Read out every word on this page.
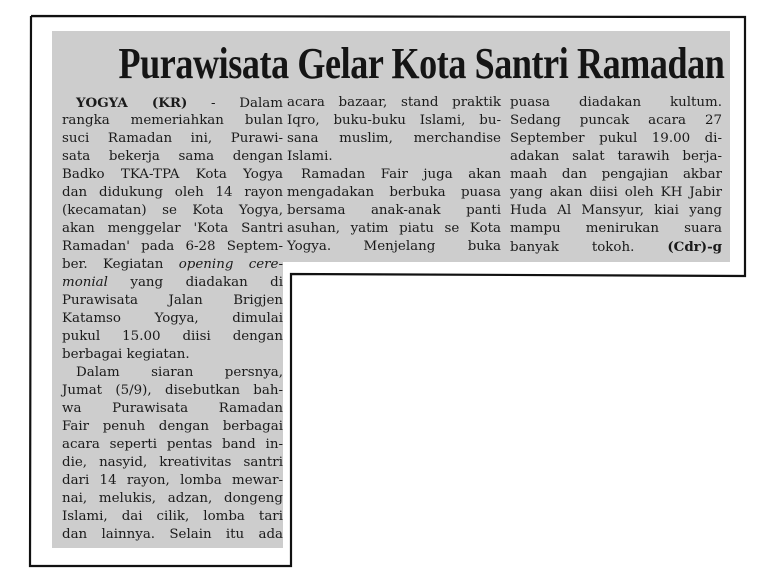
Purawisata Gelar Kota Santri Ramadan
YOGYA (KR) - Dalam
rangka memeriahkan bulan
suci Ramadan ini, Purawi-
sata bekerja sama dengan
Badko TKA-TPA Kota Yogya
dan didukung oleh 14 rayon
(kecamatan) se Kota Yogya,
akan menggelar 'Kota Santri
Ramadan' pada 6-28 Septem-
ber. Kegiatan opening cere-
monial yang diadakan di
Purawisata Jalan Brigjen
Katamso Yogya, dimulai
pukul 15.00 diisi dengan
berbagai kegiatan.
Dalam siaran persnya,
Jumat (5/9), disebutkan bah-
wa Purawisata Ramadan
Fair penuh dengan berbagai
acara seperti pentas band in-
die, nasyid, kreativitas santri
dari 14 rayon, lomba mewar-
nai, melukis, adzan, dongeng
Islami, dai cilik, lomba tari
dan lainnya. Selain itu ada
acara bazaar, stand praktik
Iqro, buku-buku Islami, bu-
sana muslim, merchandise
Islami.
Ramadan Fair juga akan
mengadakan berbuka puasa
bersama anak-anak panti
asuhan, yatim piatu se Kota
Yogya. Menjelang buka
puasa diadakan kultum.
Sedang puncak acara 27
September pukul 19.00 di-
adakan salat tarawih berja-
maah dan pengajian akbar
yang akan diisi oleh KH Jabir
Huda Al Mansyur, kiai yang
mampu menirukan suara
banyak tokoh. (Cdr)-g
